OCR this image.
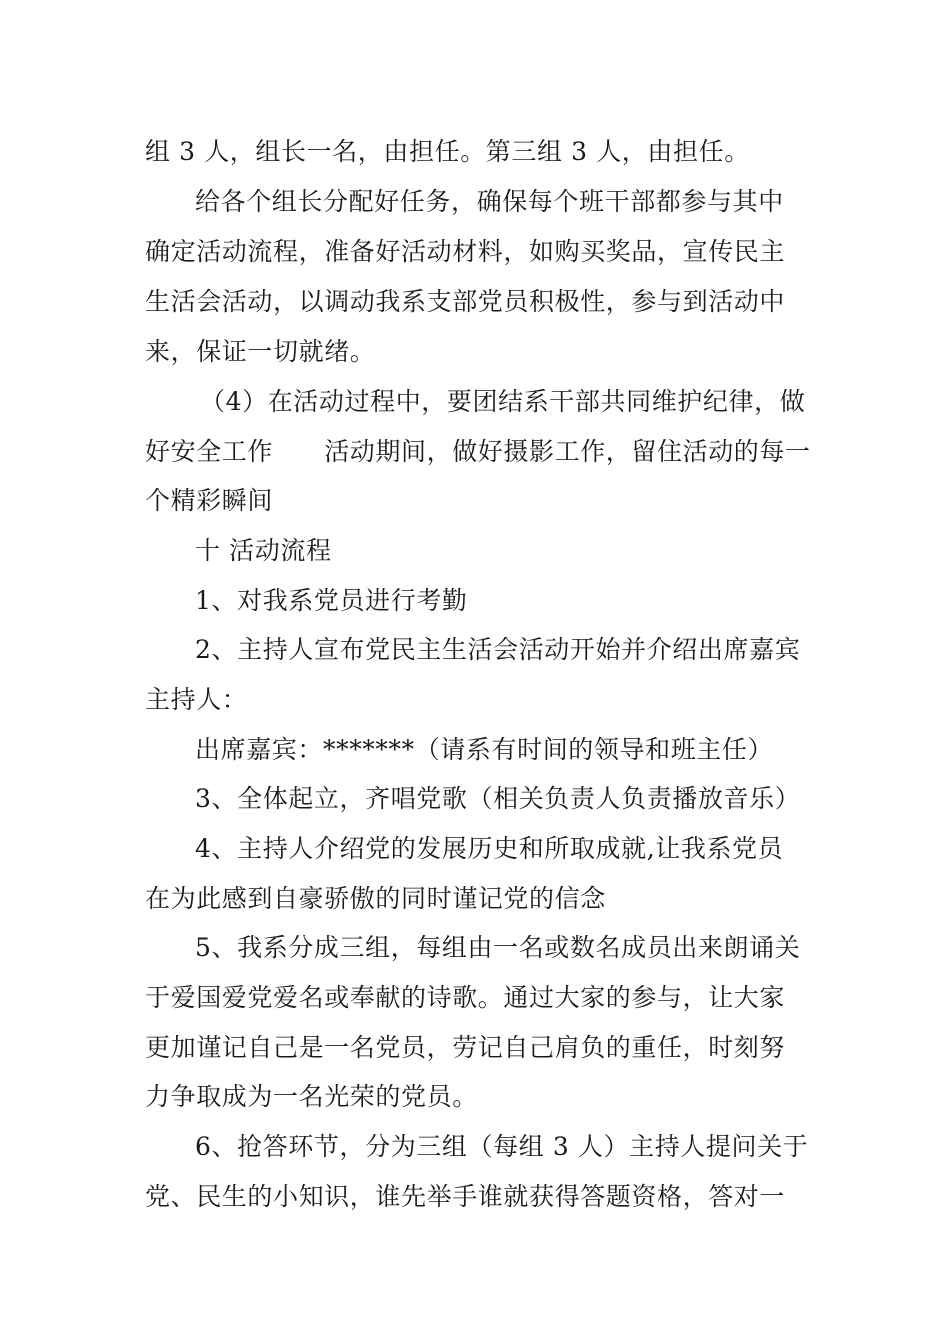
组 3 人，组长一名，由担任。第三组 3 人，由担任。
给各个组长分配好任务，确保每个班干部都参与其中
确定活动流程，准备好活动材料，如购买奖品，宣传民主
生活会活动，以调动我系支部党员积极性，参与到活动中
来，保证一切就绪。
（4）在活动过程中，要团结系干部共同维护纪律，做
好安全工作　　活动期间，做好摄影工作，留住活动的每一
个精彩瞬间
十 活动流程
1、对我系党员进行考勤
2、主持人宣布党民主生活会活动开始并介绍出席嘉宾
主持人：
出席嘉宾：*******（请系有时间的领导和班主任）
3、全体起立，齐唱党歌（相关负责人负责播放音乐）
4、主持人介绍党的发展历史和所取成就,让我系党员
在为此感到自豪骄傲的同时谨记党的信念
5、我系分成三组，每组由一名或数名成员出来朗诵关
于爱国爱党爱名或奉献的诗歌。通过大家的参与，让大家
更加谨记自己是一名党员，劳记自己肩负的重任，时刻努
力争取成为一名光荣的党员。
6、抢答环节，分为三组（每组 3 人）主持人提问关于
党、民生的小知识，谁先举手谁就获得答题资格，答对一
